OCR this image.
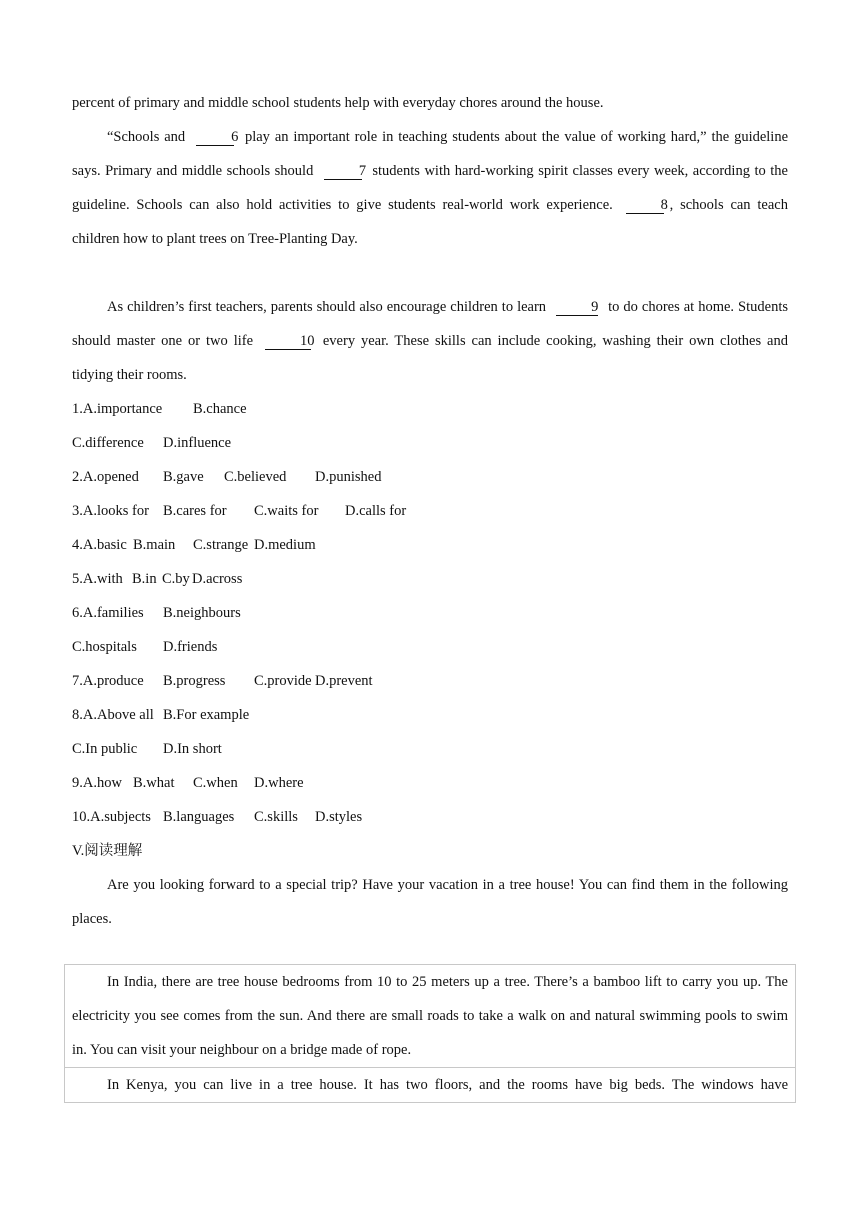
percent of primary and middle school students help with everyday chores around the house.
“Schools and	6 play an important role in teaching students about the value of working hard,” the guideline says. Primary and middle schools should	7 students with hard-working spirit classes every week, according to the guideline. Schools can also hold activities to give students real-world work experience.	8 , schools can teach children how to plant trees on Tree-Planting Day.
As children’s first teachers, parents should also encourage children to learn	9 to do chores at home. Students should master one or two life	10 every year. These skills can include cooking, washing their own clothes and tidying their rooms.
1.A.importance B.chance
C.difference D.influence
2.A.opened B.gave C.believed D.punished
3.A.looks for B.cares for C.waits for D.calls for
4.A.basic B.main C.strange D.medium
5.A.with B.in C.by D.across
6.A.families B.neighbours
C.hospitals D.friends
7.A.produce B.progress C.provide D.prevent
8.A.Above all B.For example
C.In public D.In short
9.A.how B.what C.when D.where
10.A.subjects B.languages C.skills D.styles
V.阅读理解
Are you looking forward to a special trip? Have your vacation in a tree house! You can find them in the following places.
In India, there are tree house bedrooms from 10 to 25 meters up a tree. There’s a bamboo lift to carry you up. The electricity you see comes from the sun. And there are small roads to take a walk on and natural swimming pools to swim in. You can visit your neighbour on a bridge made of rope.

In Kenya, you can live in a tree house. It has two floors, and the rooms have big beds. The windows have
